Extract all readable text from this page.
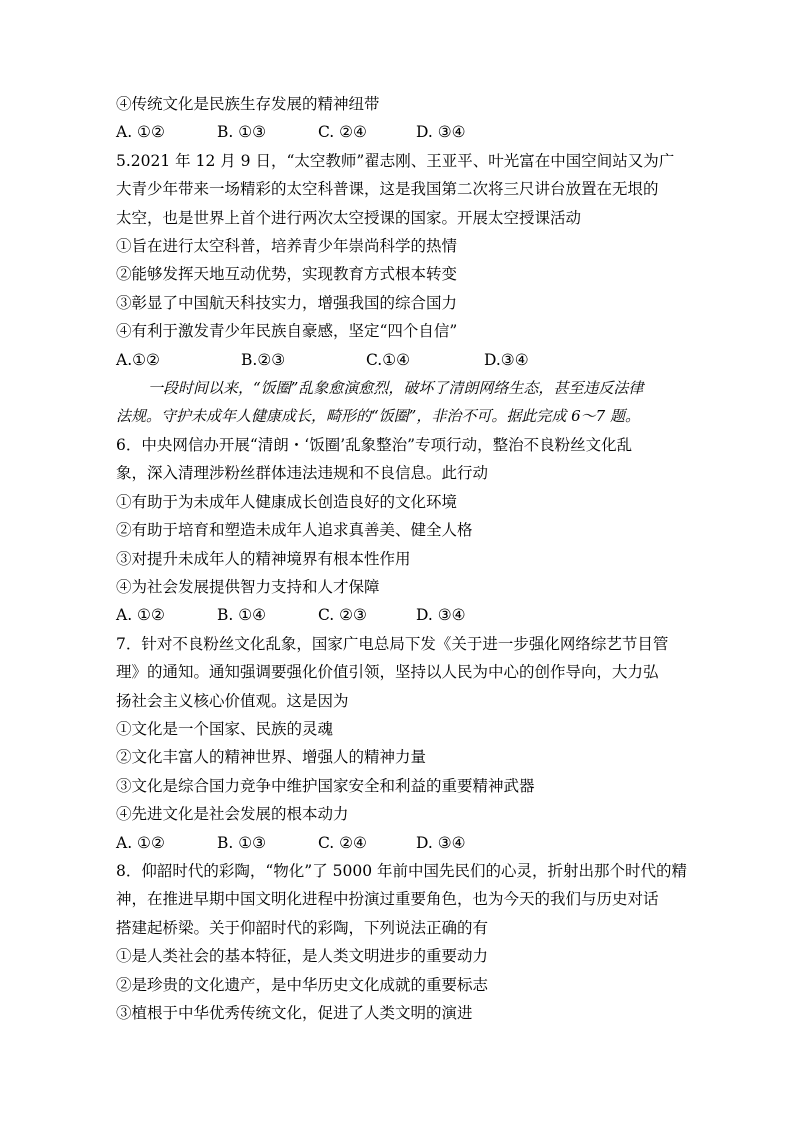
④传统文化是民族生存发展的精神纽带
A. ①②	B. ①③	C. ②④	D. ③④
5.2021 年 12 月 9 日，“太空教师”翟志刚、王亚平、叶光富在中国空间站又为广
大青少年带来一场精彩的太空科普课，这是我国第二次将三尺讲台放置在无垠的
太空，也是世界上首个进行两次太空授课的国家。开展太空授课活动
①旨在进行太空科普，培养青少年崇尚科学的热情
②能够发挥天地互动优势，实现教育方式根本转变
③彰显了中国航天科技实力，增强我国的综合国力
④有利于激发青少年民族自豪感，坚定“四个自信”
A.①②	B.②③	C.①④	D.③④
一段时间以来，“饭圈”乱象愈演愈烈，破坏了清朗网络生态，甚至违反法律
法规。守护未成年人健康成长，畸形的“饭圈”，非治不可。据此完成 6～7 题。
6．中央网信办开展“清朗・‘饭圈’乱象整治”专项行动，整治不良粉丝文化乱
象，深入清理涉粉丝群体违法违规和不良信息。此行动
①有助于为未成年人健康成长创造良好的文化环境
②有助于培育和塑造未成年人追求真善美、健全人格
③对提升未成年人的精神境界有根本性作用
④为社会发展提供智力支持和人才保障
A. ①②	B. ①④	C. ②③	D. ③④
7．针对不良粉丝文化乱象，国家广电总局下发《关于进一步强化网络综艺节目管
理》的通知。通知强调要强化价值引领，坚持以人民为中心的创作导向，大力弘
扬社会主义核心价值观。这是因为
①文化是一个国家、民族的灵魂
②文化丰富人的精神世界、增强人的精神力量
③文化是综合国力竞争中维护国家安全和利益的重要精神武器
④先进文化是社会发展的根本动力
A. ①②	B. ①③	C. ②④	D. ③④
8．仰韶时代的彩陶，“物化”了 5000 年前中国先民们的心灵，折射出那个时代的精
神，在推进早期中国文明化进程中扮演过重要角色，也为今天的我们与历史对话
搭建起桥梁。关于仰韶时代的彩陶，下列说法正确的有
①是人类社会的基本特征，是人类文明进步的重要动力
②是珍贵的文化遗产，是中华历史文化成就的重要标志
③植根于中华优秀传统文化，促进了人类文明的演进
